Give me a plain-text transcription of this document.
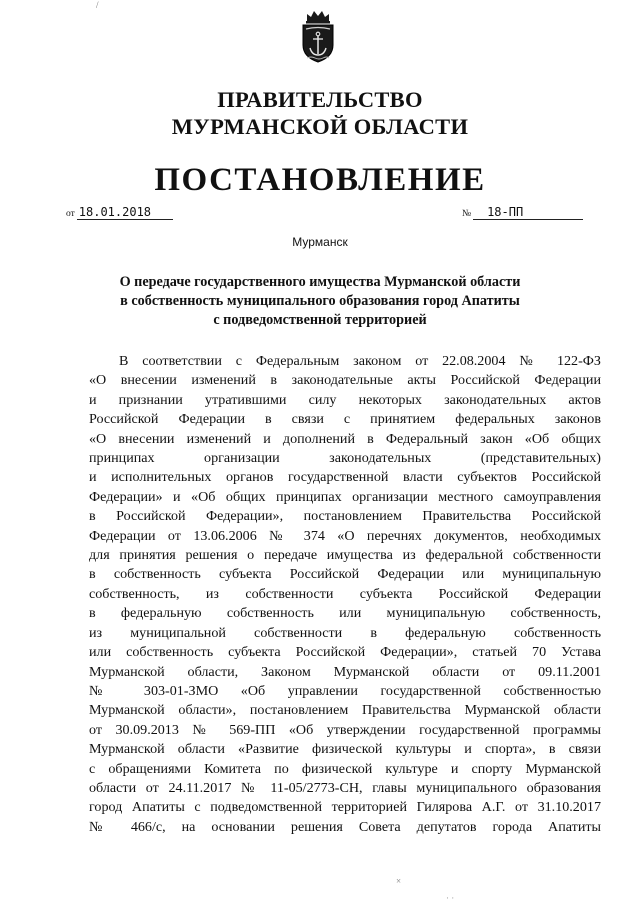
ПРАВИТЕЛЬСТВО
МУРМАНСКОЙ ОБЛАСТИ
ПОСТАНОВЛЕНИЕ
от 18.01.2018	№ 18-ПП
Мурманск
О передаче государственного имущества Мурманской области
в собственность муниципального образования город Апатиты
с подведомственной территорией
В соответствии с Федеральным законом от 22.08.2004 № 122-ФЗ
«О внесении изменений в законодательные акты Российской Федерации
и признании утратившими силу некоторых законодательных актов
Российской Федерации в связи с принятием федеральных законов
«О внесении изменений и дополнений в Федеральный закон «Об общих
принципах организации законодательных (представительных)
и исполнительных органов государственной власти субъектов Российской
Федерации» и «Об общих принципах организации местного самоуправления
в Российской Федерации», постановлением Правительства Российской
Федерации от 13.06.2006 № 374 «О перечнях документов, необходимых
для принятия решения о передаче имущества из федеральной собственности
в собственность субъекта Российской Федерации или муниципальную
собственность, из собственности субъекта Российской Федерации
в федеральную собственность или муниципальную собственность,
из муниципальной собственности в федеральную собственность
или собственность субъекта Российской Федерации», статьей 70 Устава
Мурманской области, Законом Мурманской области от 09.11.2001
№ 303-01-ЗМО «Об управлении государственной собственностью
Мурманской области», постановлением Правительства Мурманской области
от 30.09.2013 № 569-ПП «Об утверждении государственной программы
Мурманской области «Развитие физической культуры и спорта», в связи
с обращениями Комитета по физической культуре и спорту Мурманской
области от 24.11.2017 № 11-05/2773-СН, главы муниципального образования
город Апатиты с подведомственной территорией Гилярова А.Г. от 31.10.2017
№ 466/с, на основании решения Совета депутатов города Апатиты
/
×
· ·
